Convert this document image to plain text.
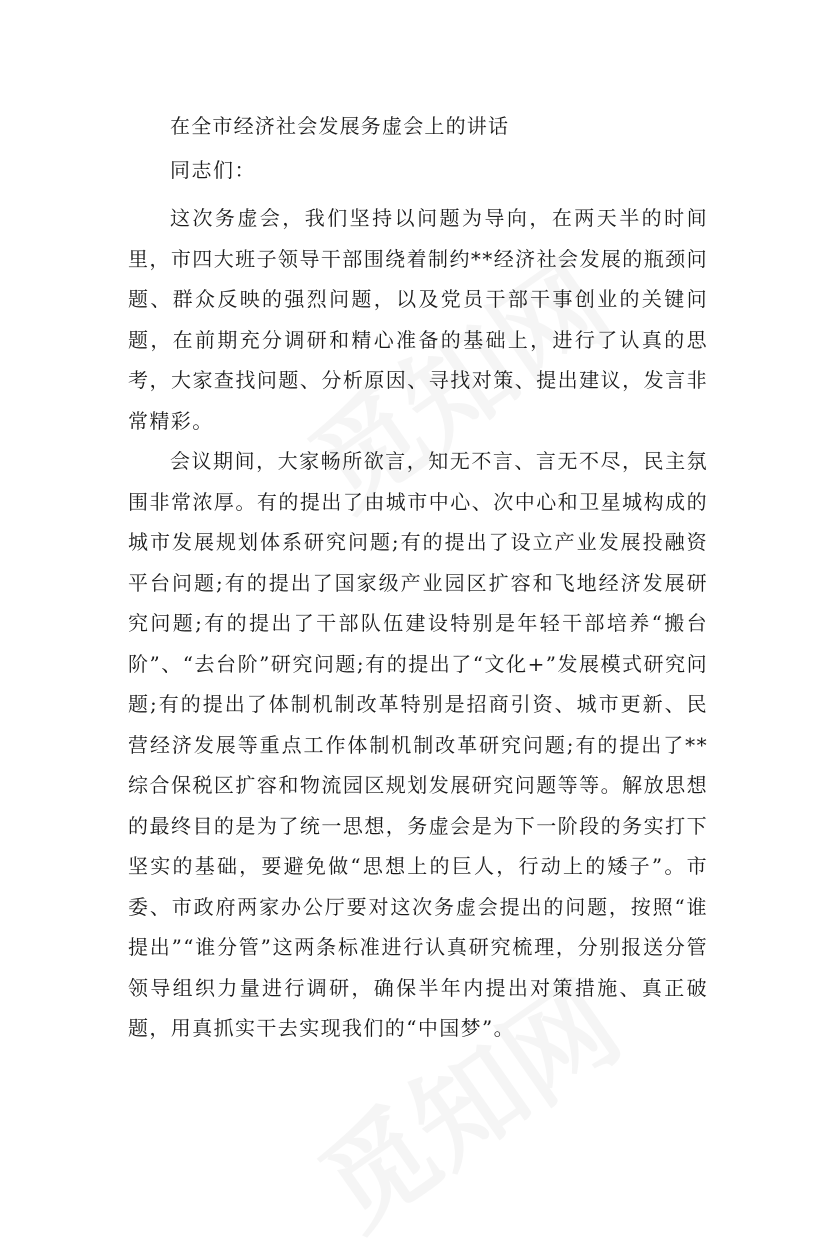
在全市经济社会发展务虚会上的讲话

同志们：

这次务虚会，我们坚持以问题为导向，在两天半的时间里，市四大班子领导干部围绕着制约**经济社会发展的瓶颈问题、群众反映的强烈问题，以及党员干部干事创业的关键问题，在前期充分调研和精心准备的基础上，进行了认真的思考，大家查找问题、分析原因、寻找对策、提出建议，发言非常精彩。

会议期间，大家畅所欲言，知无不言、言无不尽，民主氛围非常浓厚。有的提出了由城市中心、次中心和卫星城构成的城市发展规划体系研究问题;有的提出了设立产业发展投融资平台问题;有的提出了国家级产业园区扩容和飞地经济发展研究问题;有的提出了干部队伍建设特别是年轻干部培养“搬台阶”、“去台阶”研究问题;有的提出了“文化+”发展模式研究问题;有的提出了体制机制改革特别是招商引资、城市更新、民营经济发展等重点工作体制机制改革研究问题;有的提出了**综合保税区扩容和物流园区规划发展研究问题等等。解放思想的最终目的是为了统一思想，务虚会是为下一阶段的务实打下坚实的基础，要避免做“思想上的巨人，行动上的矮子”。市委、市政府两家办公厅要对这次务虚会提出的问题，按照“谁提出”“谁分管”这两条标准进行认真研究梳理，分别报送分管领导组织力量进行调研，确保半年内提出对策措施、真正破题，用真抓实干去实现我们的“中国梦”。
